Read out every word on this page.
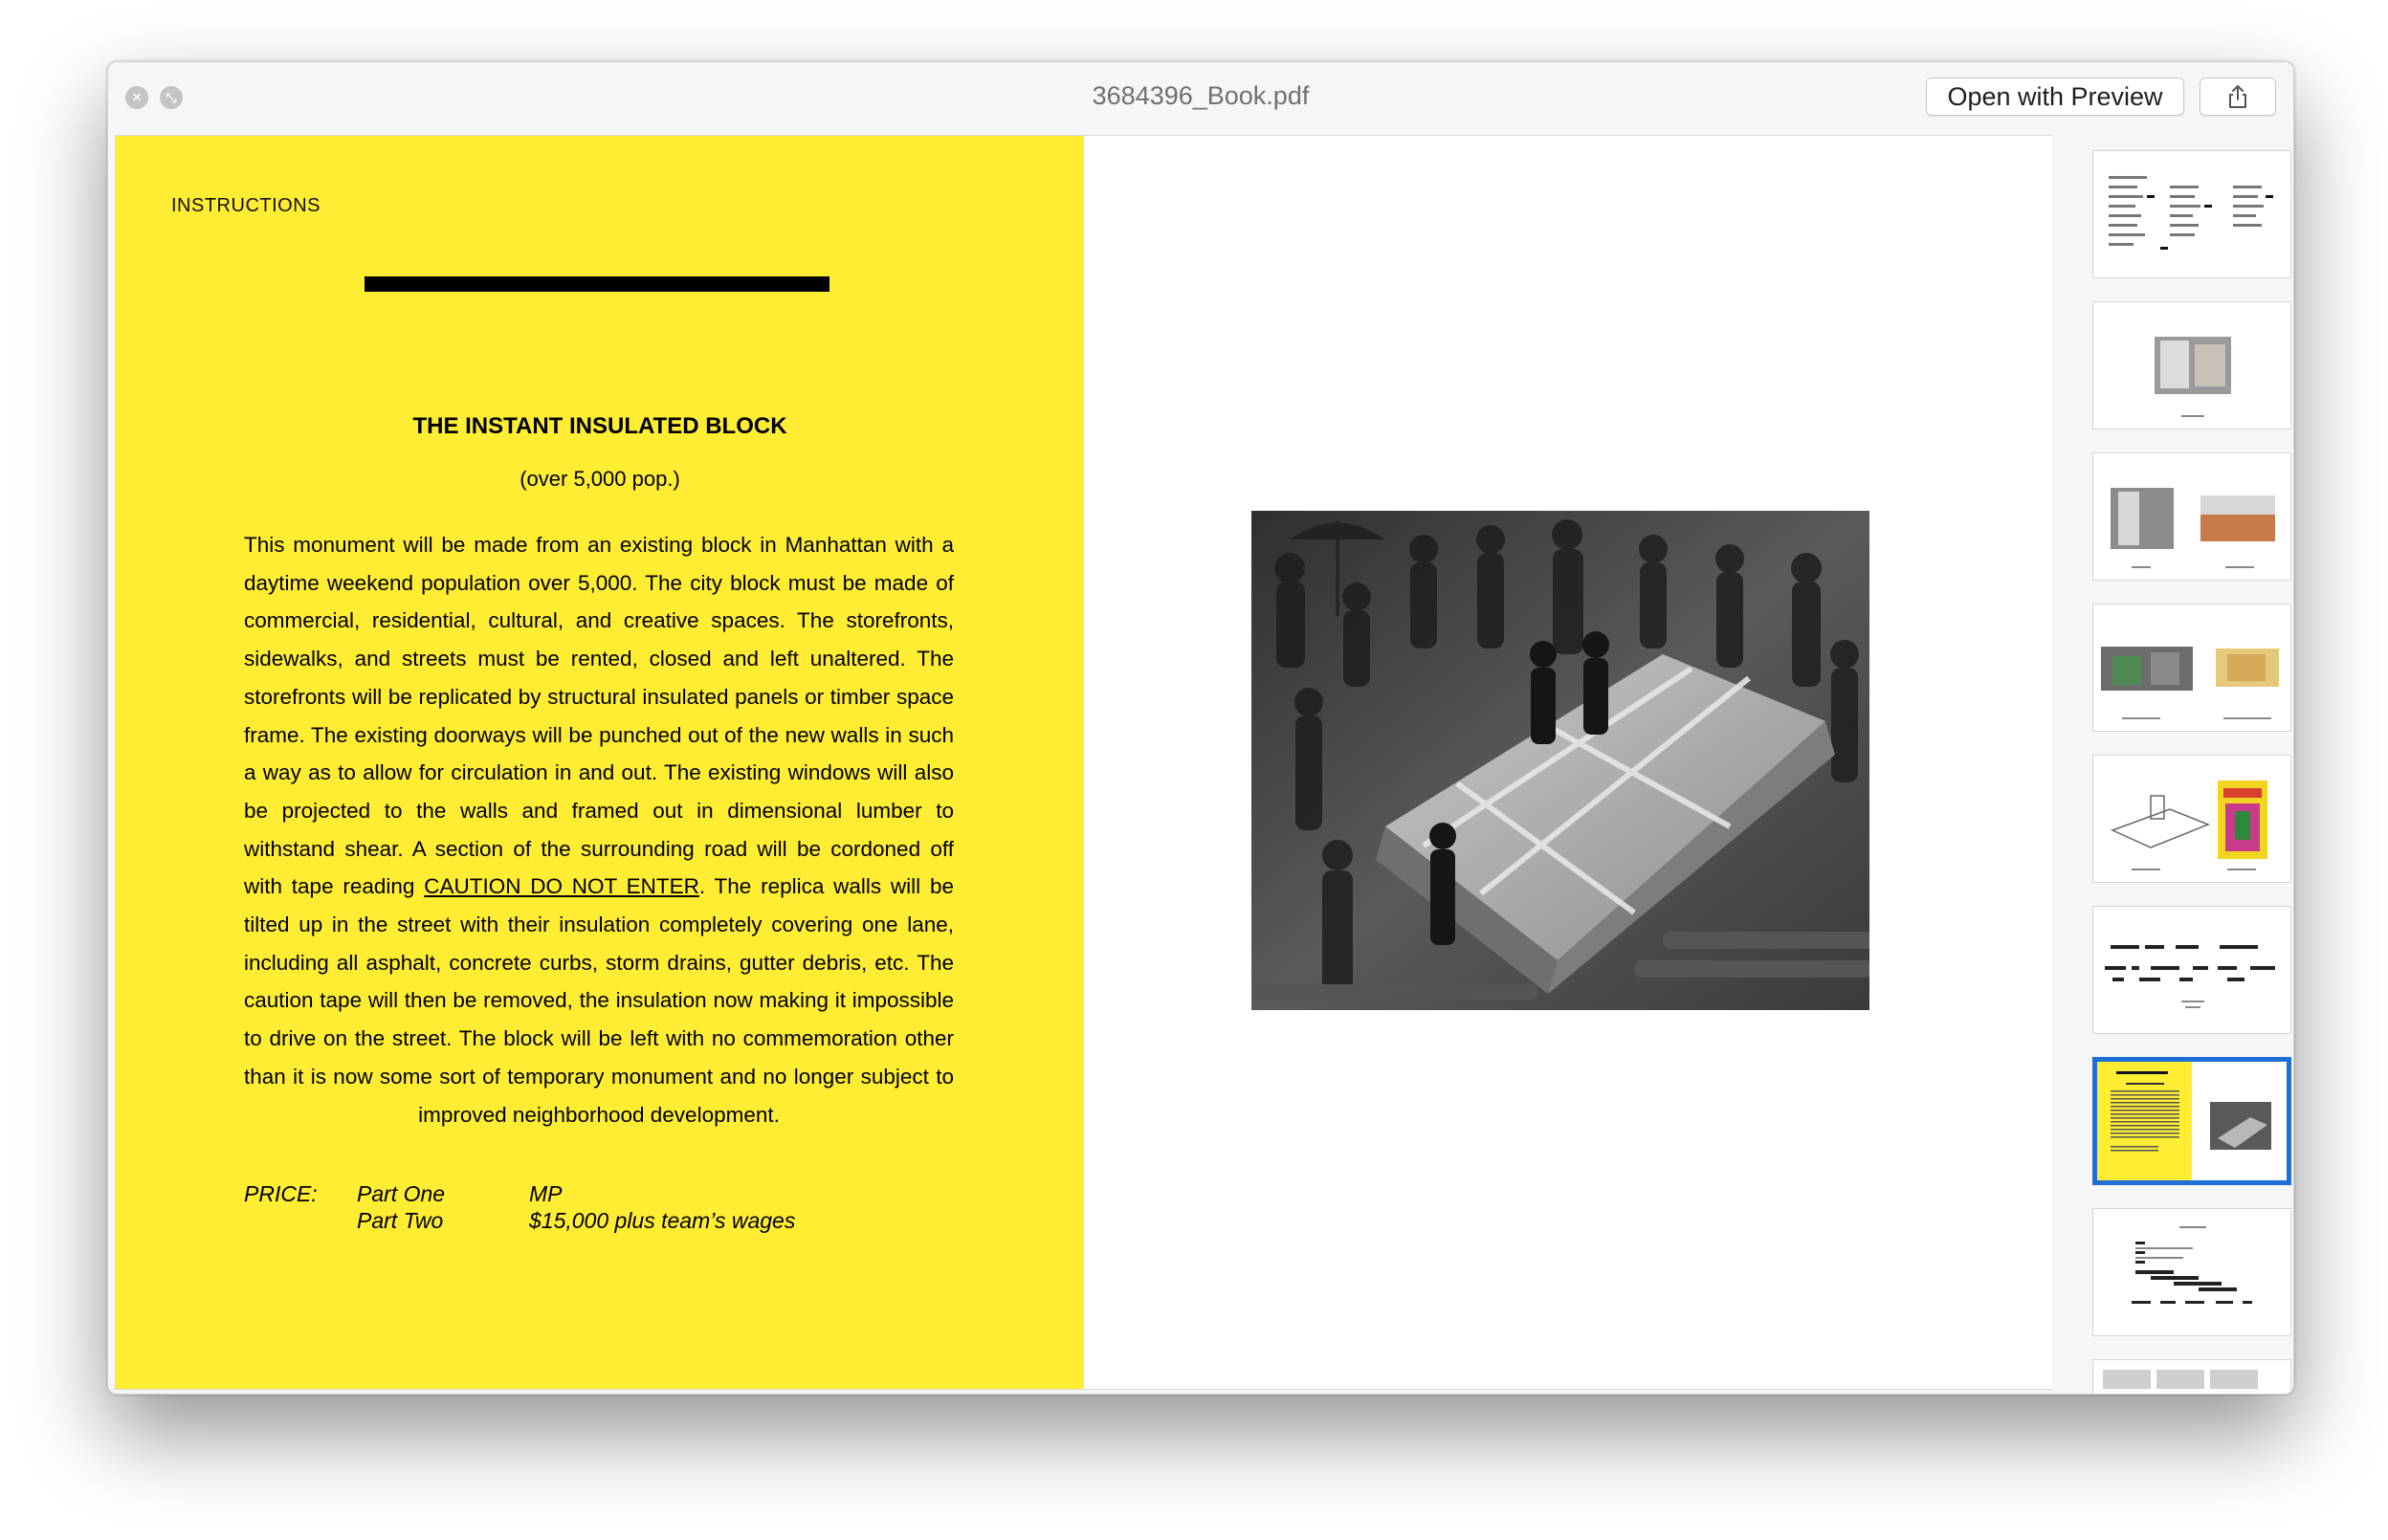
×	⤡	3684396_Book.pdf	Open with Preview
INSTRUCTIONS
THE INSTANT INSULATED BLOCK
(over 5,000 pop.)
This monument will be made from an existing block in Manhattan with a daytime weekend population over 5,000. The city block must be made of commercial, residential, cultural, and creative spaces. The storefronts, sidewalks, and streets must be rented, closed and left unaltered. The storefronts will be replicated by structural insulated panels or timber space frame. The existing doorways will be punched out of the new walls in such a way as to allow for circulation in and out. The existing windows will also be projected to the walls and framed out in dimensional lumber to withstand shear. A section of the surrounding road will be cordoned off with tape reading CAUTION DO NOT ENTER. The replica walls will be tilted up in the street with their insulation completely covering one lane, including all asphalt, concrete curbs, storm drains, gutter debris, etc. The caution tape will then be removed, the insulation now making it impossible to drive on the street. The block will be left with no commemoration other than it is now some sort of temporary monument and no longer subject to improved neighborhood development.
PRICE: Part One	MP
Part Two	$15,000 plus team’s wages
